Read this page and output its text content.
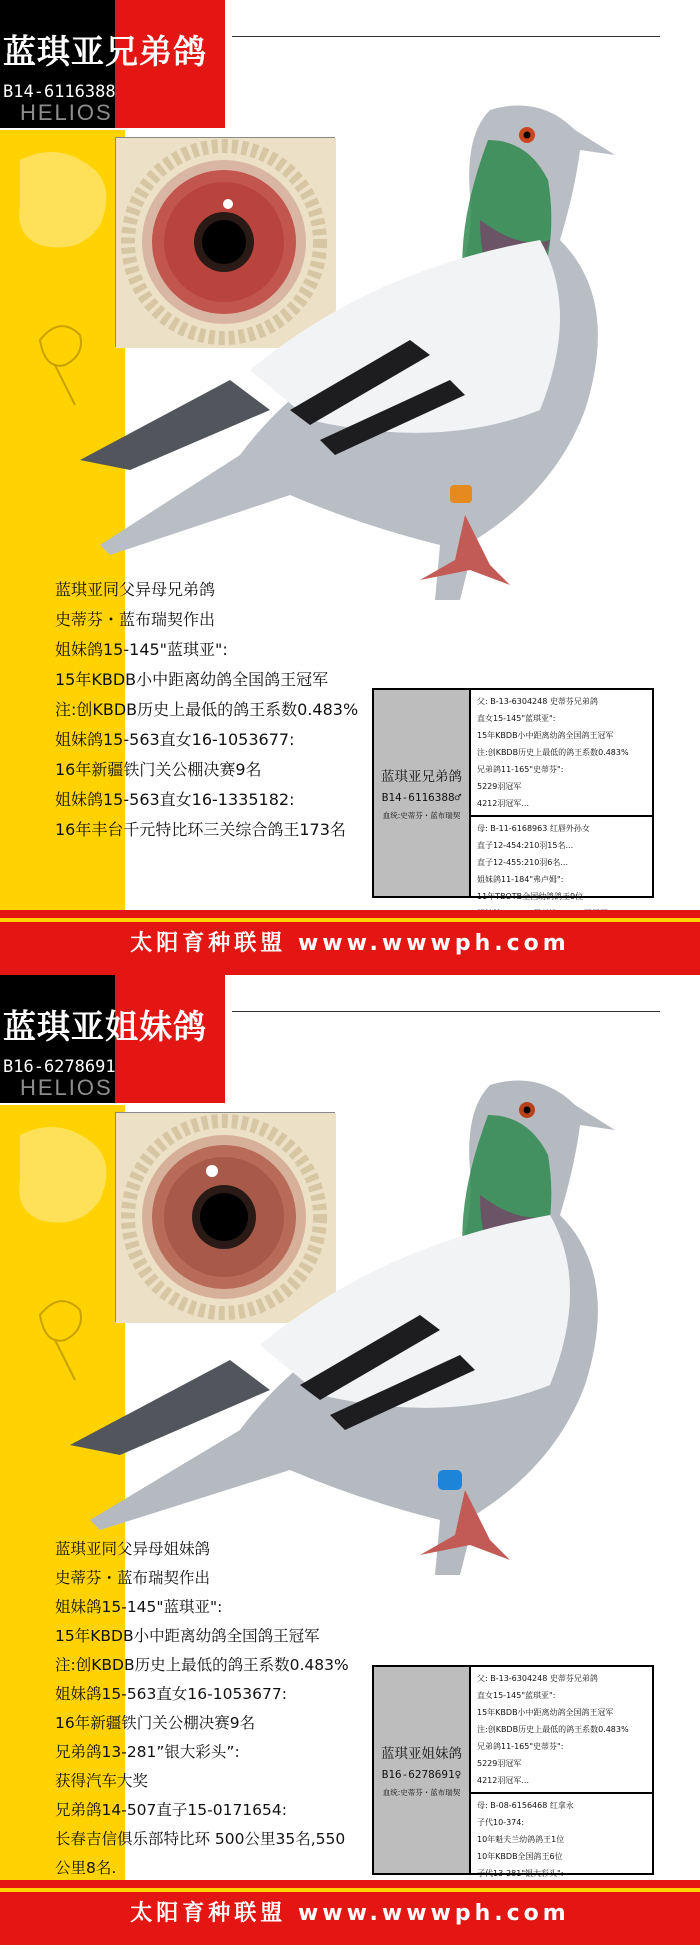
蓝琪亚兄弟鸽
B14-6116388
HELIOS
蓝琪亚同父异母兄弟鸽
史蒂芬・蓝布瑞契作出
姐妹鸽15-145"蓝琪亚":
15年KBDB小中距离幼鸽全国鸽王冠军
注:创KBDB历史上最低的鸽王系数0.483%
姐妹鸽15-563直女16-1053677:
16年新疆铁门关公棚决赛9名
姐妹鸽15-563直女16-1335182:
16年丰台千元特比环三关综合鸽王173名
蓝琪亚兄弟鸽
B14-6116388♂
血统:史蒂芬・蓝布瑞契
父: B-13-6304248 史蒂芬兄弟鸽
直女15-145"蓝琪亚":
15年KBDB小中距离幼鸽全国鸽王冠军
注:创KBDB历史上最低的鸽王系数0.483%
兄弟鸽11-165"史蒂芬":
5229羽冠军
4212羽冠军...
母: B-11-6168963 红唇外孙女
直子12-454:210羽15名...
直子12-455:210羽6名...
姐妹鸽11-184"弗卢姆":
11年TBOTB全国幼鸽鸽王9位
太阳育种联盟 www.wwwph.com
蓝琪亚姐妹鸽
B16-6278691
HELIOS
蓝琪亚同父异母姐妹鸽
史蒂芬・蓝布瑞契作出
姐妹鸽15-145"蓝琪亚":
15年KBDB小中距离幼鸽全国鸽王冠军
注:创KBDB历史上最低的鸽王系数0.483%
姐妹鸽15-563直女16-1053677:
16年新疆铁门关公棚决赛9名
兄弟鸽13-281”银大彩头”:
获得汽车大奖
兄弟鸽14-507直子15-0171654:
长春吉信俱乐部特比环 500公里35名,550
公里8名.
蓝琪亚姐妹鸽
B16-6278691♀
血统:史蒂芬・蓝布瑞契
父: B-13-6304248 史蒂芬兄弟鸽
直女15-145"蓝琪亚":
15年KBDB小中距离幼鸽全国鸽王冠军
注:创KBDB历史上最低的鸽王系数0.483%
兄弟鸽11-165"史蒂芬":
5229羽冠军
4212羽冠军...
母: B-08-6156468 红拿永
子代10-374:
10年魁夫兰幼鸽鸽王1位
10年KBDB全国鸽王6位
子代13-281"银大彩头":
太阳育种联盟 www.wwwph.com
